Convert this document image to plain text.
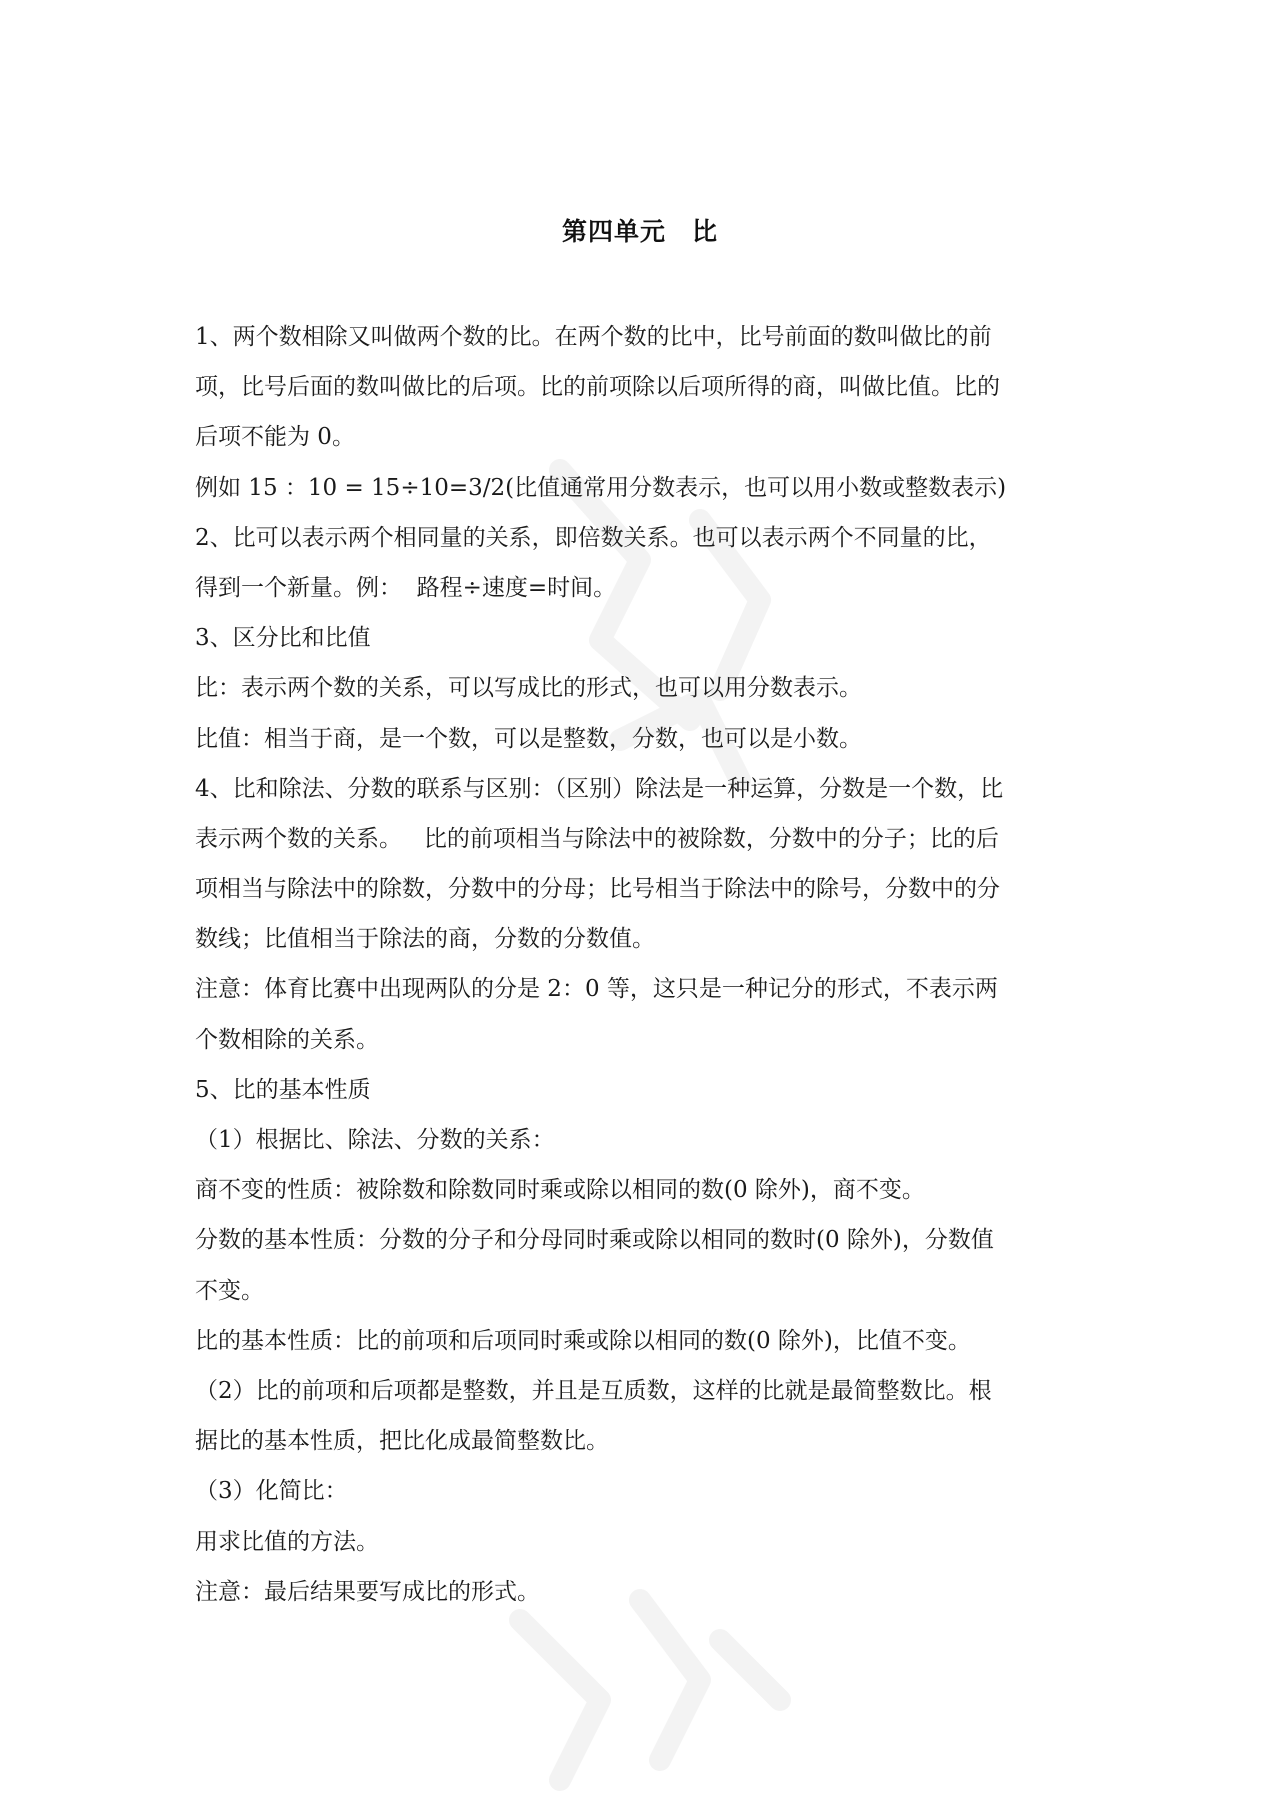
第四单元　比
1、两个数相除又叫做两个数的比。在两个数的比中，比号前面的数叫做比的前
项，比号后面的数叫做比的后项。比的前项除以后项所得的商，叫做比值。比的
后项不能为 0。
例如 15 ：10 = 15÷10=3/2(比值通常用分数表示，也可以用小数或整数表示)
2、比可以表示两个相同量的关系，即倍数关系。也可以表示两个不同量的比，
得到一个新量。例：  路程÷速度=时间。
3、区分比和比值
比：表示两个数的关系，可以写成比的形式，也可以用分数表示。
比值：相当于商，是一个数，可以是整数，分数，也可以是小数。
4、比和除法、分数的联系与区别：（区别）除法是一种运算，分数是一个数，比
表示两个数的关系。   比的前项相当与除法中的被除数，分数中的分子；比的后
项相当与除法中的除数，分数中的分母；比号相当于除法中的除号，分数中的分
数线；比值相当于除法的商，分数的分数值。
注意：体育比赛中出现两队的分是 2：0 等，这只是一种记分的形式，不表示两
个数相除的关系。
5、比的基本性质
（1）根据比、除法、分数的关系：
商不变的性质：被除数和除数同时乘或除以相同的数(0 除外)，商不变。
分数的基本性质：分数的分子和分母同时乘或除以相同的数时(0 除外)，分数值
不变。
比的基本性质：比的前项和后项同时乘或除以相同的数(0 除外)，比值不变。
（2）比的前项和后项都是整数，并且是互质数，这样的比就是最简整数比。根
据比的基本性质，把比化成最简整数比。
（3）化简比：
用求比值的方法。
注意：最后结果要写成比的形式。
